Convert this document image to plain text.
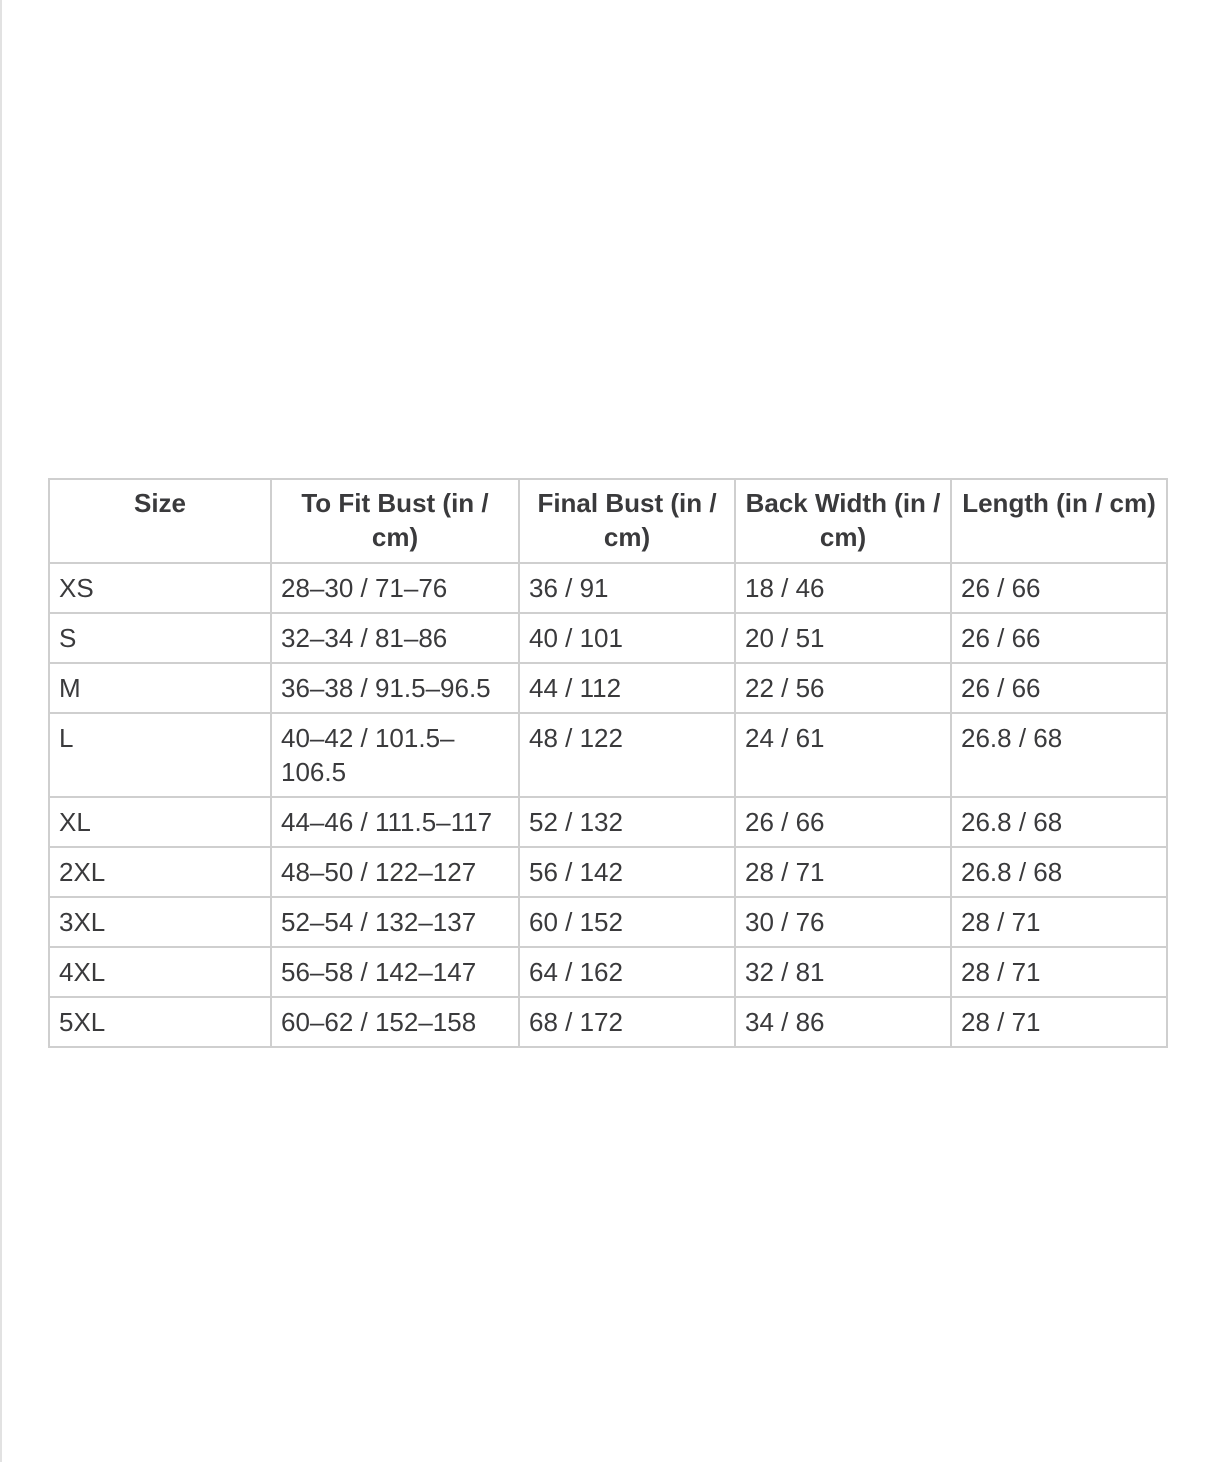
Size	To Fit Bust (in / cm)	Final Bust (in / cm)	Back Width (in / cm)	Length (in / cm)
XS	28–30 / 71–76	36 / 91	18 / 46	26 / 66
S	32–34 / 81–86	40 / 101	20 / 51	26 / 66
M	36–38 / 91.5–96.5	44 / 112	22 / 56	26 / 66
L	40–42 / 101.5–106.5	48 / 122	24 / 61	26.8 / 68
XL	44–46 / 111.5–117	52 / 132	26 / 66	26.8 / 68
2XL	48–50 / 122–127	56 / 142	28 / 71	26.8 / 68
3XL	52–54 / 132–137	60 / 152	30 / 76	28 / 71
4XL	56–58 / 142–147	64 / 162	32 / 81	28 / 71
5XL	60–62 / 152–158	68 / 172	34 / 86	28 / 71
